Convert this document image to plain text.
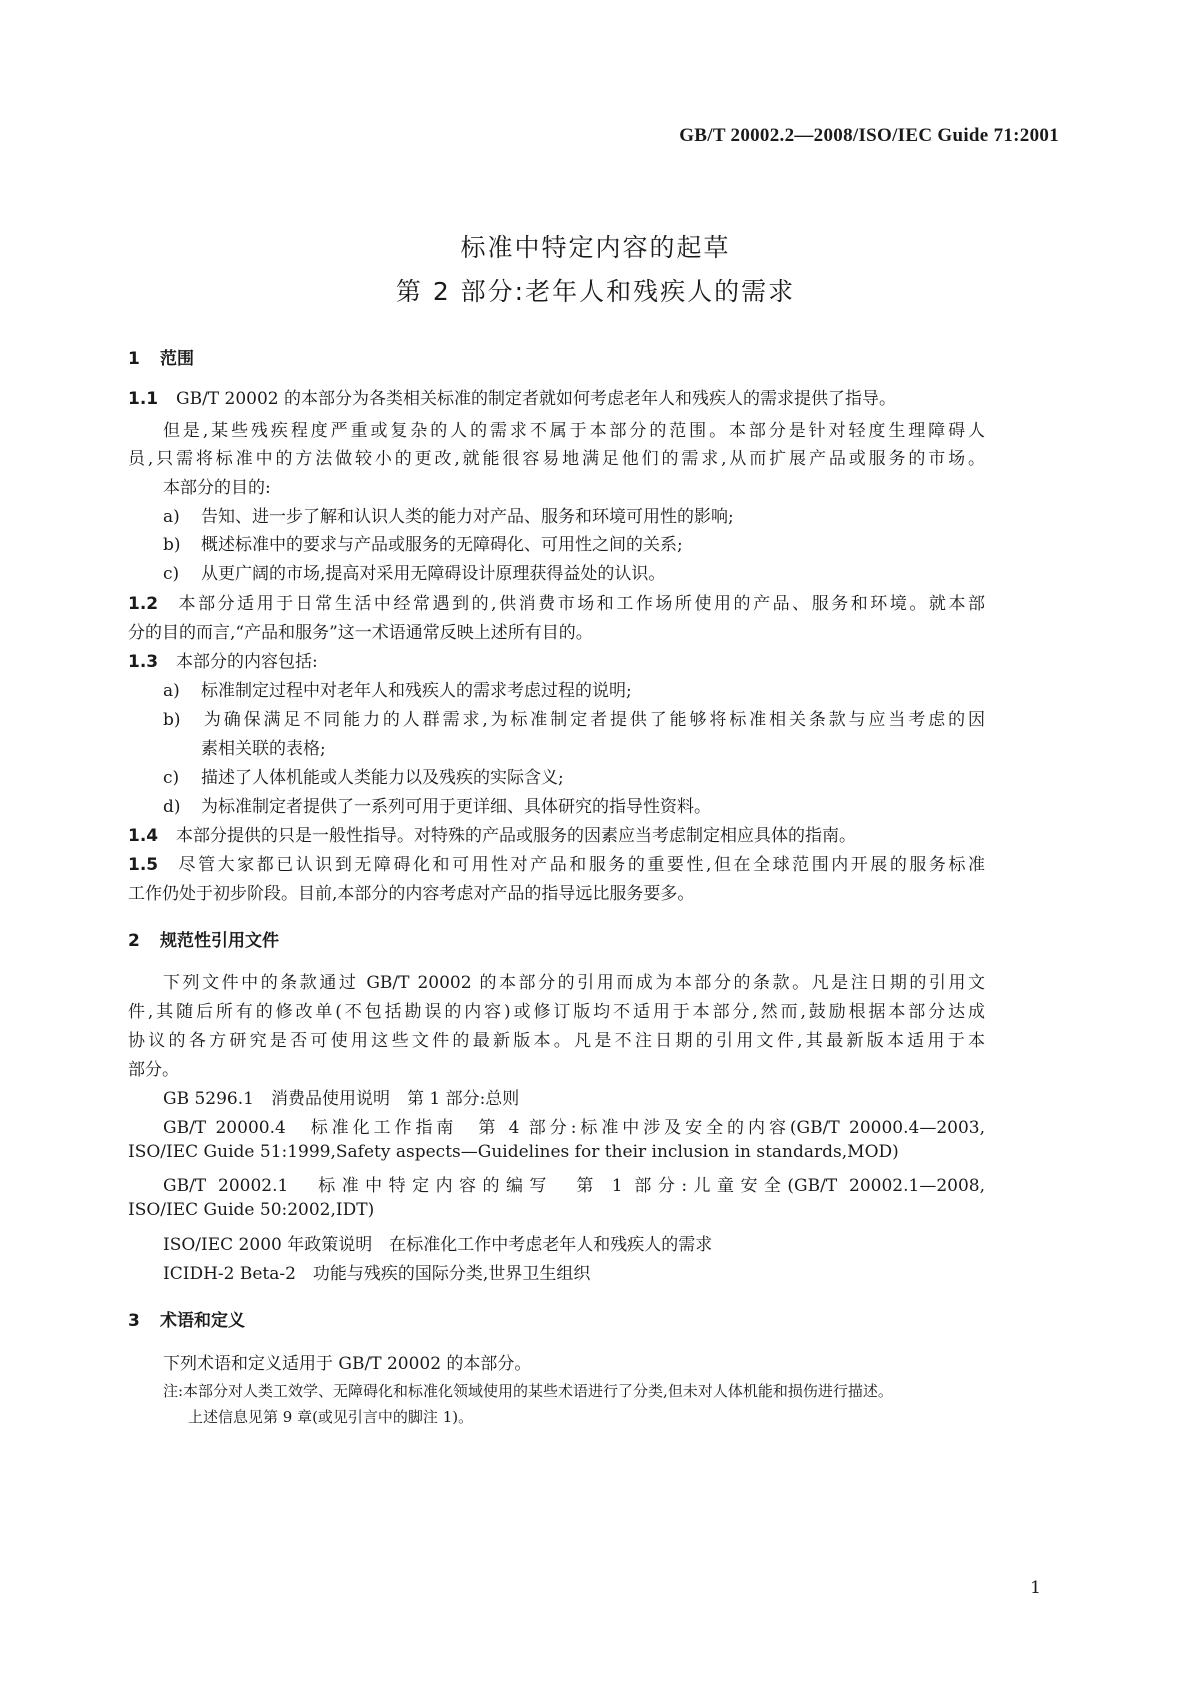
GB/T 20002.2—2008/ISO/IEC Guide 71:2001
标准中特定内容的起草
第 2 部分:老年人和残疾人的需求
1 范围
1.1 GB/T 20002 的本部分为各类相关标准的制定者就如何考虑老年人和残疾人的需求提供了指导。
但是,某些残疾程度严重或复杂的人的需求不属于本部分的范围。本部分是针对轻度生理障碍人
员,只需将标准中的方法做较小的更改,就能很容易地满足他们的需求,从而扩展产品或服务的市场。
本部分的目的:
a) 告知、进一步了解和认识人类的能力对产品、服务和环境可用性的影响;
b) 概述标准中的要求与产品或服务的无障碍化、可用性之间的关系;
c) 从更广阔的市场,提高对采用无障碍设计原理获得益处的认识。
1.2 本部分适用于日常生活中经常遇到的,供消费市场和工作场所使用的产品、服务和环境。就本部
分的目的而言,“产品和服务”这一术语通常反映上述所有目的。
1.3 本部分的内容包括:
a) 标准制定过程中对老年人和残疾人的需求考虑过程的说明;
b) 为确保满足不同能力的人群需求,为标准制定者提供了能够将标准相关条款与应当考虑的因
素相关联的表格;
c) 描述了人体机能或人类能力以及残疾的实际含义;
d) 为标准制定者提供了一系列可用于更详细、具体研究的指导性资料。
1.4 本部分提供的只是一般性指导。对特殊的产品或服务的因素应当考虑制定相应具体的指南。
1.5 尽管大家都已认识到无障碍化和可用性对产品和服务的重要性,但在全球范围内开展的服务标准
工作仍处于初步阶段。目前,本部分的内容考虑对产品的指导远比服务要多。
2 规范性引用文件
下列文件中的条款通过 GB/T 20002 的本部分的引用而成为本部分的条款。凡是注日期的引用文
件,其随后所有的修改单(不包括勘误的内容)或修订版均不适用于本部分,然而,鼓励根据本部分达成
协议的各方研究是否可使用这些文件的最新版本。凡是不注日期的引用文件,其最新版本适用于本
部分。
GB 5296.1　消费品使用说明　第 1 部分:总则
GB/T 20000.4　标准化工作指南　第 4 部分:标准中涉及安全的内容(GB/T 20000.4—2003,
ISO/IEC Guide 51:1999,Safety aspects—Guidelines for their inclusion in standards,MOD)
GB/T 20002.1　标准中特定内容的编写　第 1 部分:儿童安全(GB/T 20002.1—2008,
ISO/IEC Guide 50:2002,IDT)
ISO/IEC 2000 年政策说明　在标准化工作中考虑老年人和残疾人的需求
ICIDH-2 Beta-2　功能与残疾的国际分类,世界卫生组织
3 术语和定义
下列术语和定义适用于 GB/T 20002 的本部分。
注:本部分对人类工效学、无障碍化和标准化领域使用的某些术语进行了分类,但未对人体机能和损伤进行描述。
上述信息见第 9 章(或见引言中的脚注 1)。
1
